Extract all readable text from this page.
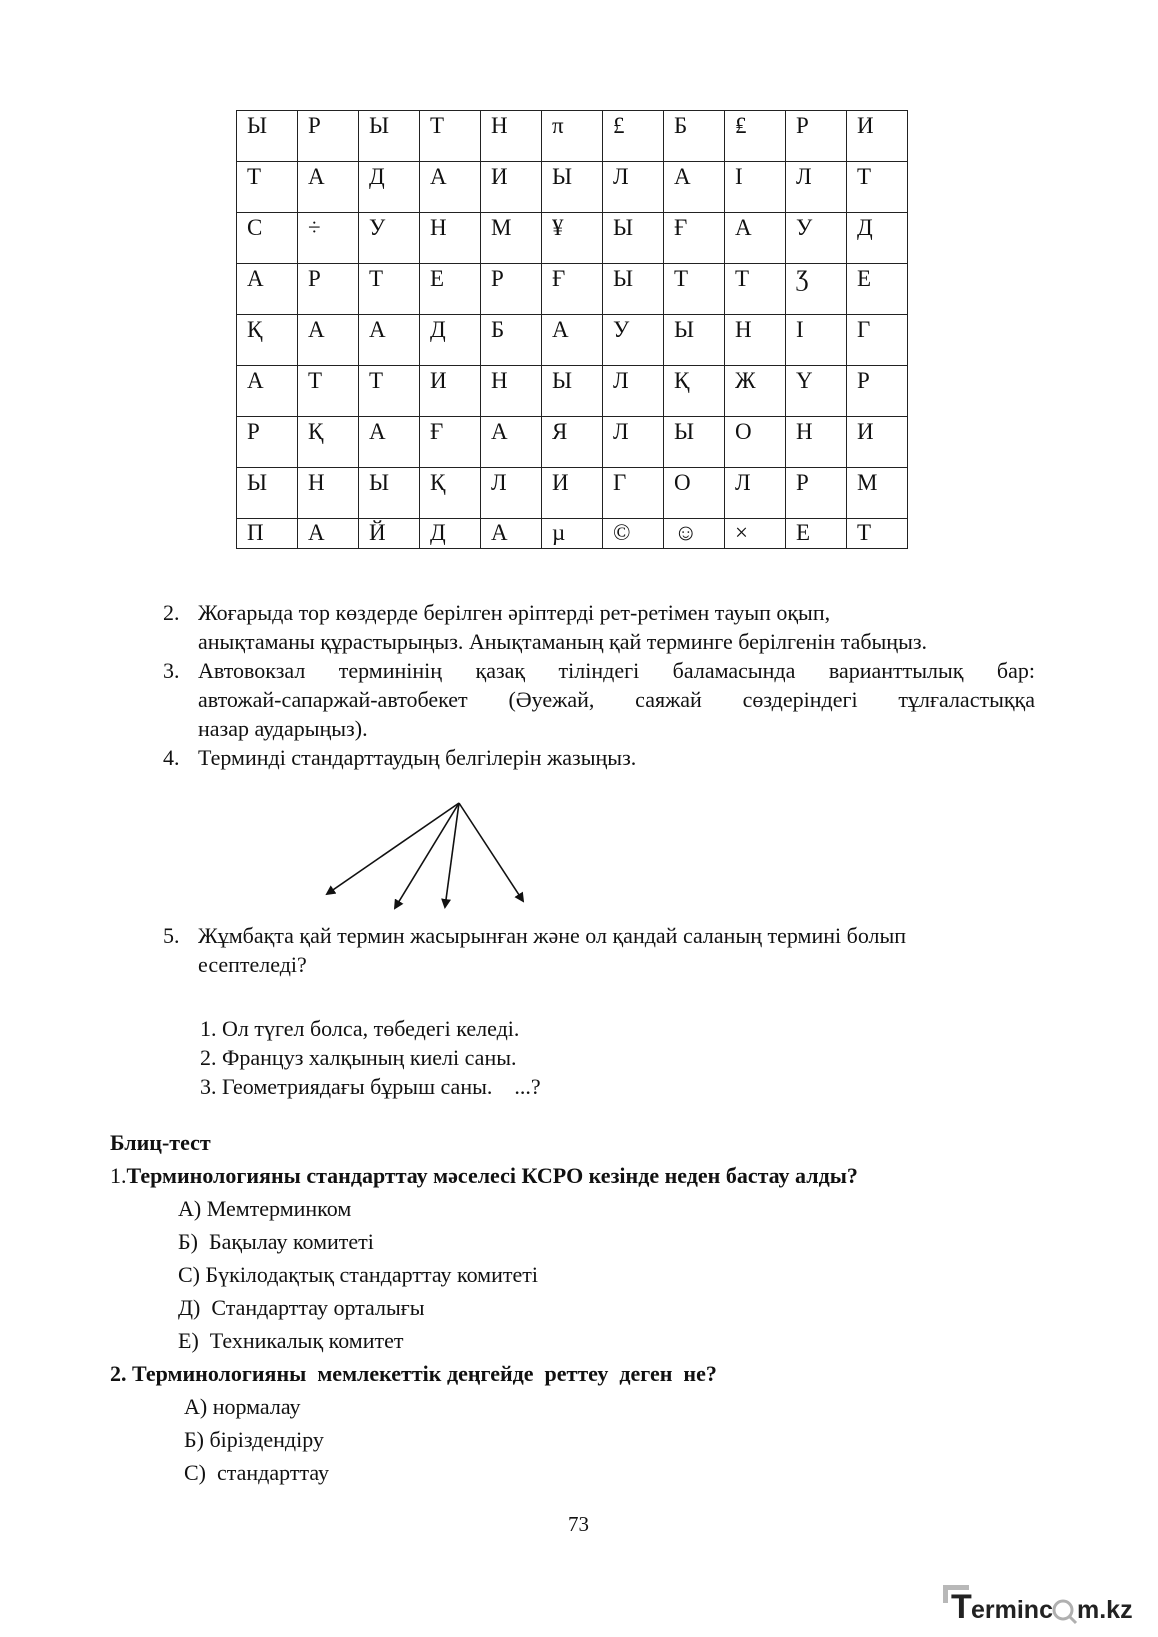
Ы	Р	Ы	Т	Н	π	£	Б	₤	Р	И
Т	А	Д	А	И	Ы	Л	А	І	Л	Т
С	÷	У	Н	М	¥	Ы	Ғ	А	У	Д
А	Р	Т	Е	Р	Ғ	Ы	Т	Т	Ʒ	Е
Қ	А	А	Д	Б	А	У	Ы	Н	І	Г
А	Т	Т	И	Н	Ы	Л	Қ	Ж	Ү	Р
Р	Қ	А	Ғ	А	Я	Л	Ы	О	Н	И
Ы	Н	Ы	Қ	Л	И	Г	О	Л	Р	М
П	А	Й	Д	А	µ	©	☺	×	Е	Т
2. Жоғарыда тор көздерде берілген әріптерді рет-ретімен тауып оқып,
анықтаманы құрастырыңыз. Анықтаманың қай терминге берілгенін табыңыз.
3. Автовокзал терминінің қазақ тіліндегі баламасында варианттылық бар:
автожай-сапаржай-автобекет (Әуежай, саяжай сөздеріндегі тұлғаластыққа
назар аударыңыз).
4. Терминді стандарттаудың белгілерін жазыңыз.
5. Жұмбақта қай термин жасырынған және ол қандай саланың термині болып
есептеледі?
1. Ол түгел болса, төбедегі келеді.
2. Француз халқының киелі саны.
3. Геометриядағы бұрыш саны.    ...?
Блиц-тест
1.Терминологияны стандарттау мәселесі КСРО кезінде неден бастау алды?
А) Мемтерминком
Б)  Бақылау комитеті
С) Бүкілодақтық стандарттау комитеті
Д)  Стандарттау орталығы
Е)  Техникалық комитет
2. Терминологияны  мемлекеттік деңгейде  реттеу  деген  не?
А) нормалау
Б) біріздендіру
С)  стандарттау
73
T erminc m.kz
